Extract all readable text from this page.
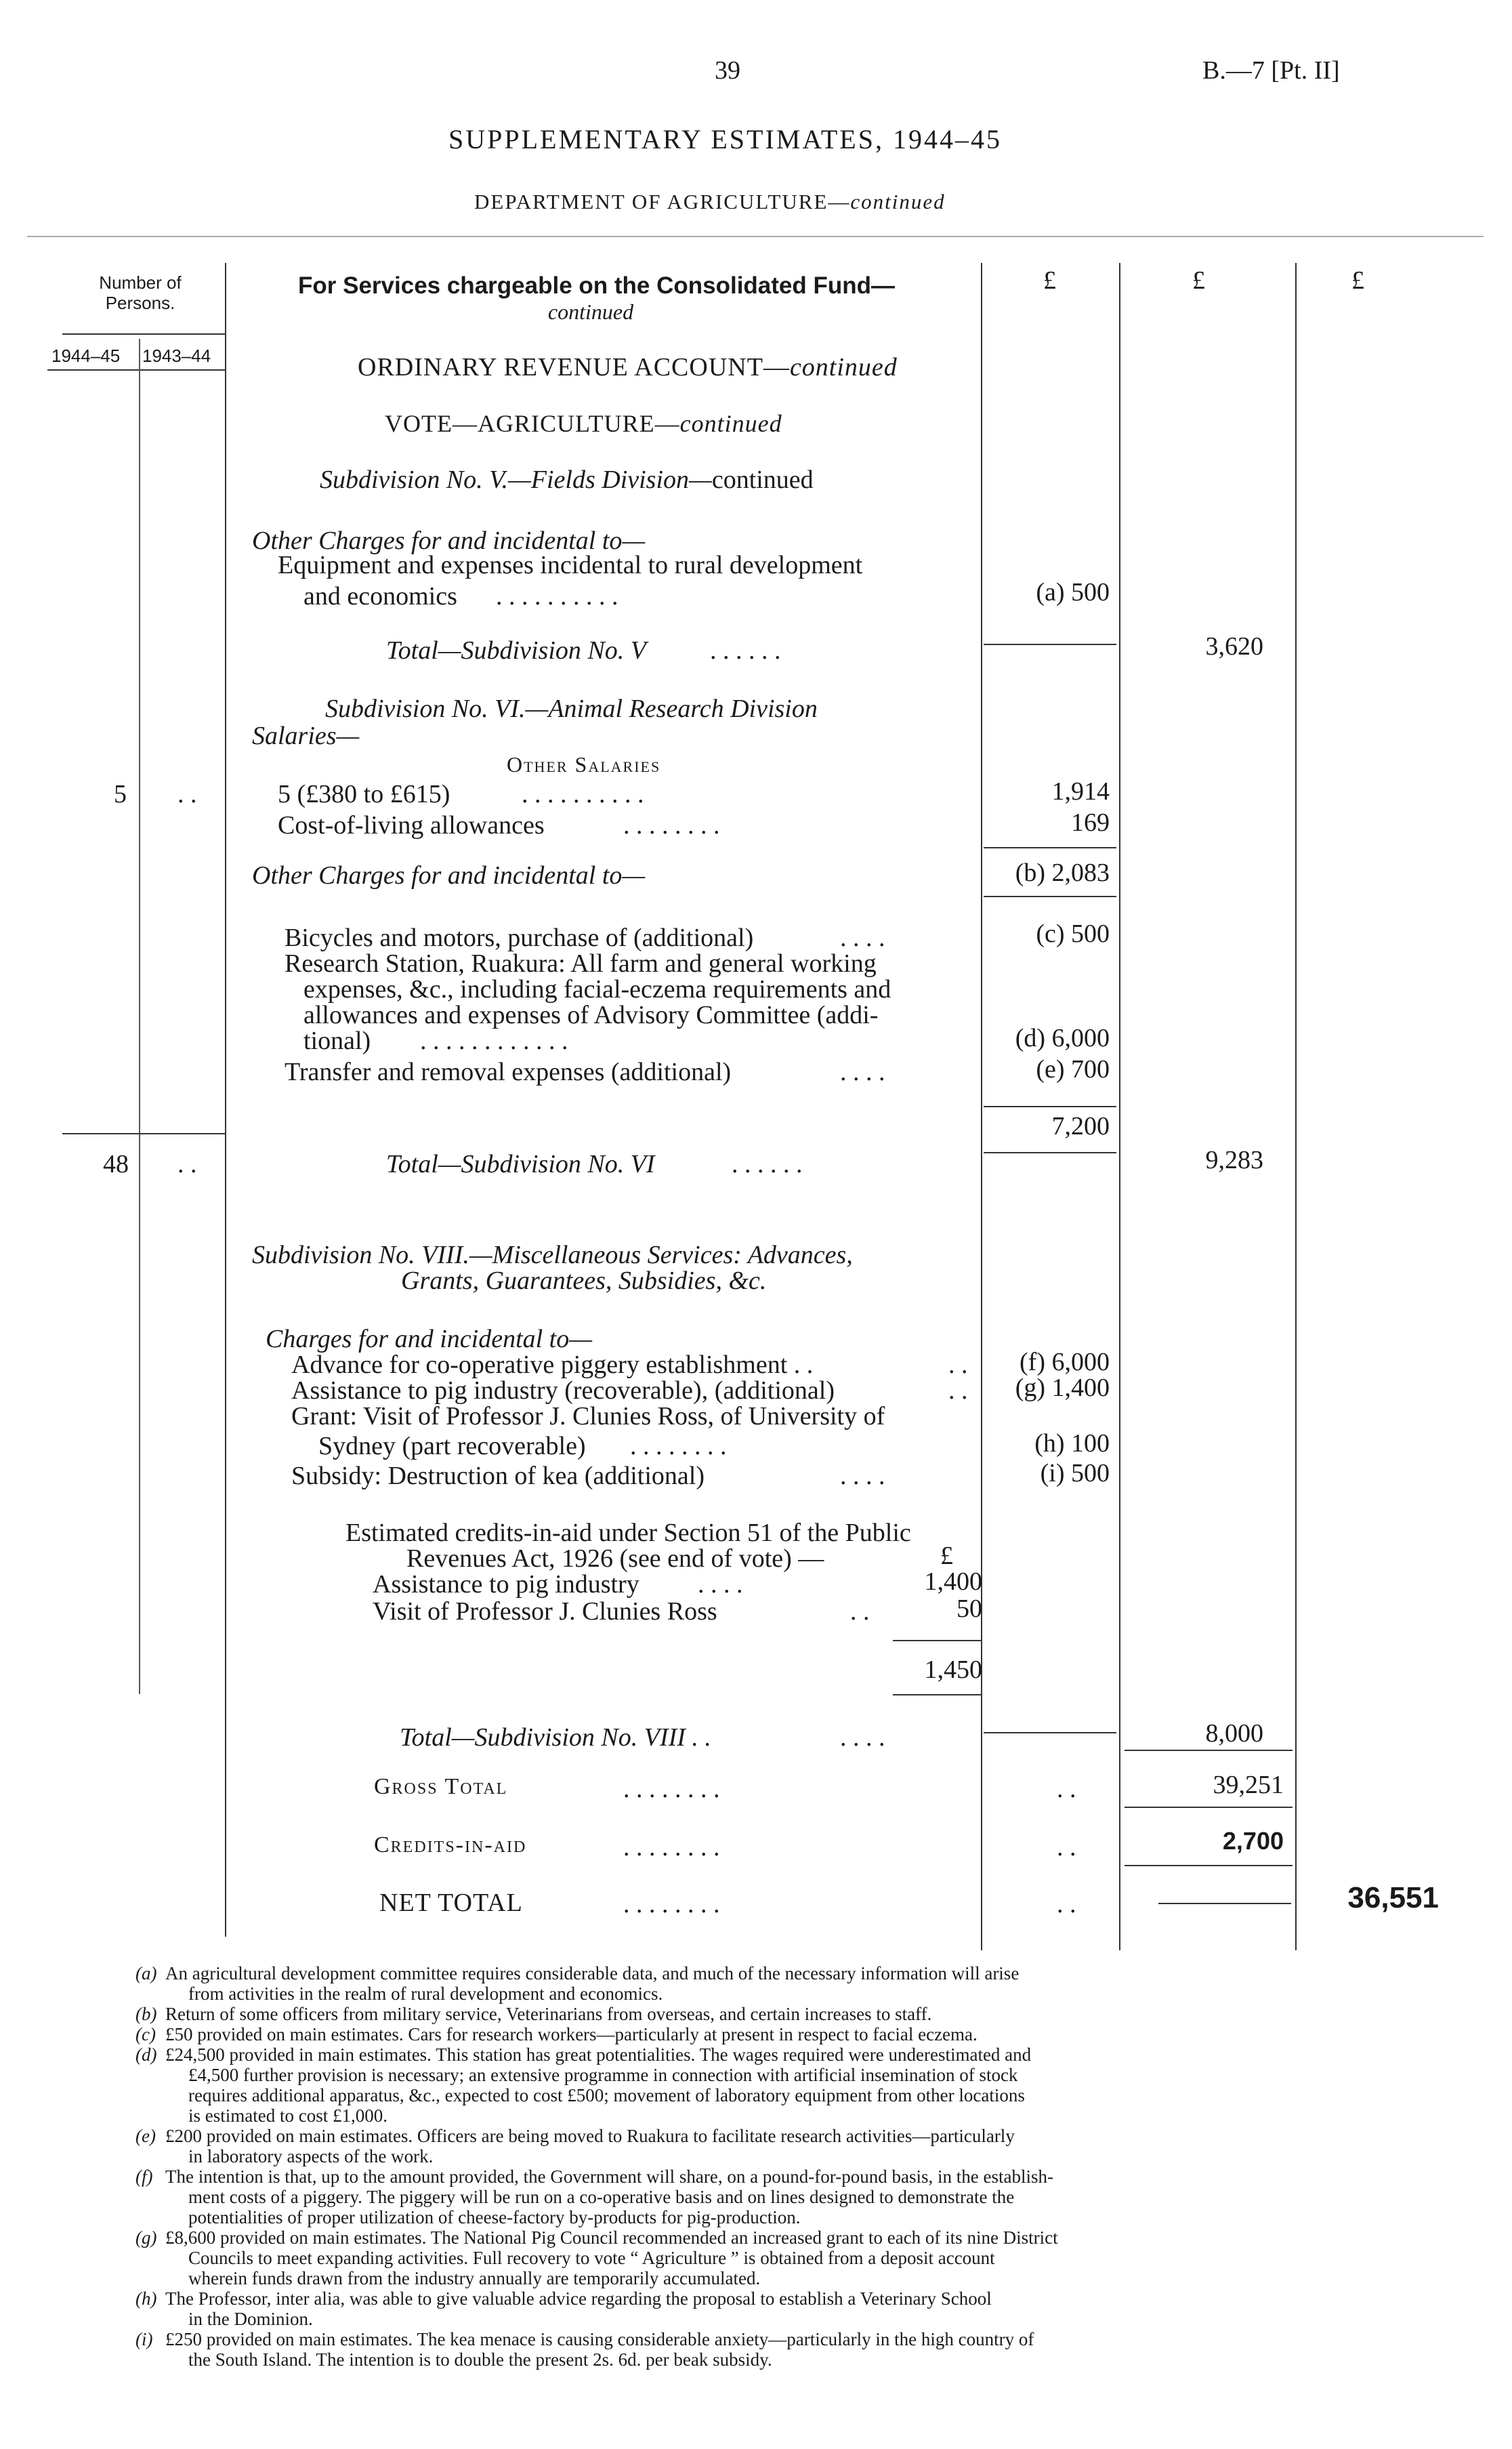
39	B.—7 [Pt. II]
SUPPLEMENTARY ESTIMATES, 1944–45
DEPARTMENT OF AGRICULTURE—continued
Number of Persons.
1944–45 1943–44
For Services chargeable on the Consolidated Fund—
continued
£	£	£
ORDINARY REVENUE ACCOUNT—continued
VOTE—AGRICULTURE—continued
Subdivision No. V.—Fields Division—continued
Other Charges for and incidental to—
Equipment and expenses incidental to rural development
and economics . . . . . . . . . .	(a) 500
Total—Subdivision No. V . . . . . .	3,620
Subdivision No. VI.—Animal Research Division
Salaries—
Other Salaries
5 . .	5 (£380 to £615)	. . . . . . . . . .	1,914
Cost-of-living allowances	. . . . . . . .	169
Other Charges for and incidental to—	(b) 2,083
Bicycles and motors, purchase of (additional)	. . . .	(c) 500
Research Station, Ruakura: All farm and general working
expenses, &c., including facial-eczema requirements and
allowances and expenses of Advisory Committee (addi-
tional) . . . . . . . . . . . .	(d) 6,000
Transfer and removal expenses (additional)	. . . .	(e) 700
7,200
48 . .	Total—Subdivision No. VI	. . . . . .	9,283
Subdivision No. VIII.—Miscellaneous Services: Advances,
Grants, Guarantees, Subsidies, &c.
Charges for and incidental to—
Advance for co-operative piggery establishment . .	. .	(f) 6,000
Assistance to pig industry (recoverable), (additional)	. .	(g) 1,400
Grant: Visit of Professor J. Clunies Ross, of University of
Sydney (part recoverable) . . . . . . . .	(h) 100
Subsidy: Destruction of kea (additional)	. . . .	(i) 500
Estimated credits-in-aid under Section 51 of the Public
Revenues Act, 1926 (see end of vote) —	£
Assistance to pig industry . . . .	1,400
Visit of Professor J. Clunies Ross	. .	50
1,450
Total—Subdivision No. VIII . .	. . . .	8,000
Gross Total	. . . . . . . .	. .	39,251
Credits-in-aid	. . . . . . . .	. .	2,700
NET TOTAL	. . . . . . . .	. .	36,551
(a) An agricultural development committee requires considerable data, and much of the necessary information will arise
from activities in the realm of rural development and economics.
(b) Return of some officers from military service, Veterinarians from overseas, and certain increases to staff.
(c) £50 provided on main estimates. Cars for research workers—particularly at present in respect to facial eczema.
(d) £24,500 provided in main estimates. This station has great potentialities. The wages required were underestimated and
£4,500 further provision is necessary; an extensive programme in connection with artificial insemination of stock
requires additional apparatus, &c., expected to cost £500; movement of laboratory equipment from other locations
is estimated to cost £1,000.
(e) £200 provided on main estimates. Officers are being moved to Ruakura to facilitate research activities—particularly
in laboratory aspects of the work.
(f) The intention is that, up to the amount provided, the Government will share, on a pound-for-pound basis, in the establish-
ment costs of a piggery. The piggery will be run on a co-operative basis and on lines designed to demonstrate the
potentialities of proper utilization of cheese-factory by-products for pig-production.
(g) £8,600 provided on main estimates. The National Pig Council recommended an increased grant to each of its nine District
Councils to meet expanding activities. Full recovery to vote “ Agriculture ” is obtained from a deposit account
wherein funds drawn from the industry annually are temporarily accumulated.
(h) The Professor, inter alia, was able to give valuable advice regarding the proposal to establish a Veterinary School
in the Dominion.
(i) £250 provided on main estimates. The kea menace is causing considerable anxiety—particularly in the high country of
the South Island. The intention is to double the present 2s. 6d. per beak subsidy.
